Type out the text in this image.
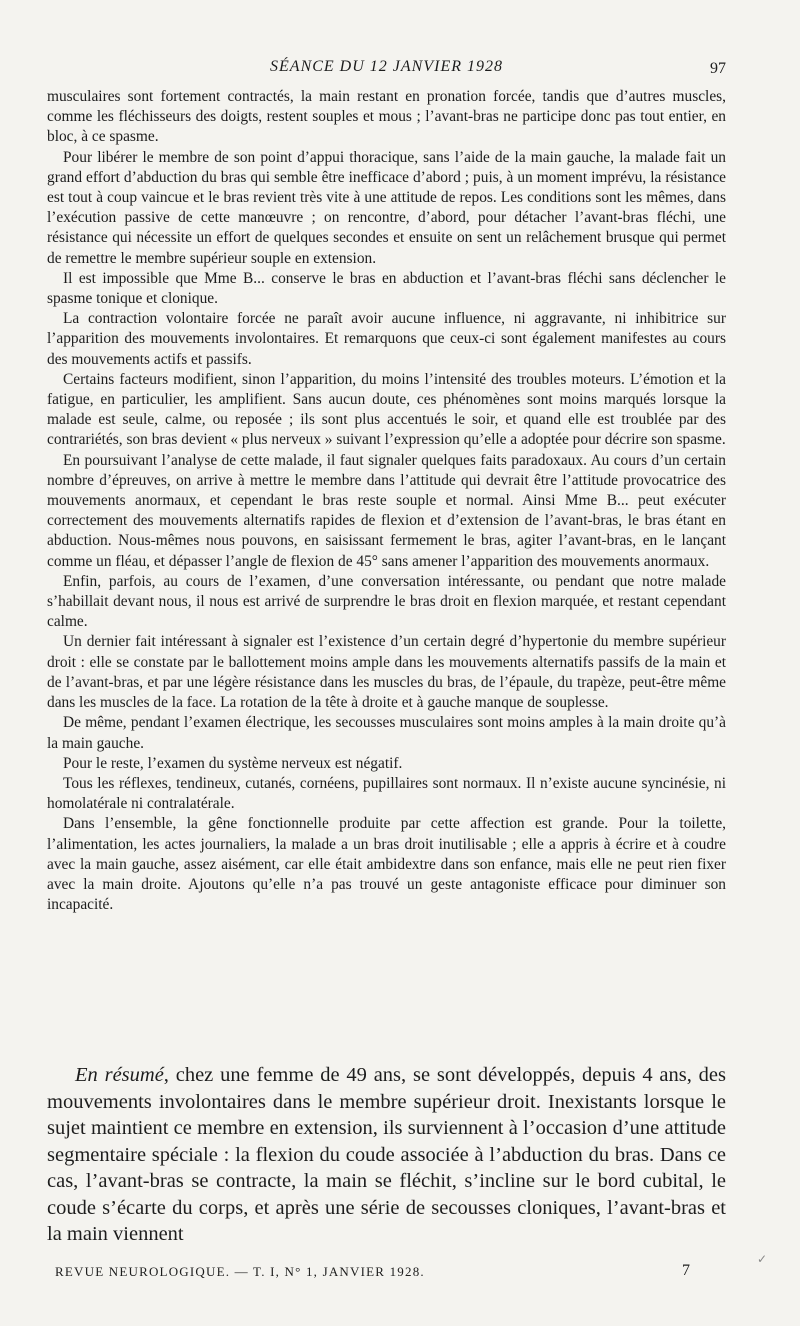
SÉANCE DU 12 JANVIER 1928	97

musculaires sont fortement contractés, la main restant en pronation forcée, tandis que d’autres muscles, comme les fléchisseurs des doigts, restent souples et mous ; l’avant-bras ne participe donc pas tout entier, en bloc, à ce spasme.

Pour libérer le membre de son point d’appui thoracique, sans l’aide de la main gauche, la malade fait un grand effort d’abduction du bras qui semble être inefficace d’abord ; puis, à un moment imprévu, la résistance est tout à coup vaincue et le bras revient très vite à une attitude de repos. Les conditions sont les mêmes, dans l’exécution passive de cette manœuvre ; on rencontre, d’abord, pour détacher l’avant-bras fléchi, une résistance qui nécessite un effort de quelques secondes et ensuite on sent un relâchement brusque qui permet de remettre le membre supérieur souple en extension.

Il est impossible que Mme B... conserve le bras en abduction et l’avant-bras fléchi sans déclencher le spasme tonique et clonique.

La contraction volontaire forcée ne paraît avoir aucune influence, ni aggravante, ni inhibitrice sur l’apparition des mouvements involontaires. Et remarquons que ceux-ci sont également manifestes au cours des mouvements actifs et passifs.

Certains facteurs modifient, sinon l’apparition, du moins l’intensité des troubles moteurs. L’émotion et la fatigue, en particulier, les amplifient. Sans aucun doute, ces phénomènes sont moins marqués lorsque la malade est seule, calme, ou reposée ; ils sont plus accentués le soir, et quand elle est troublée par des contrariétés, son bras devient « plus nerveux » suivant l’expression qu’elle a adoptée pour décrire son spasme.

En poursuivant l’analyse de cette malade, il faut signaler quelques faits paradoxaux. Au cours d’un certain nombre d’épreuves, on arrive à mettre le membre dans l’attitude qui devrait être l’attitude provocatrice des mouvements anormaux, et cependant le bras reste souple et normal. Ainsi Mme B... peut exécuter correctement des mouvements alternatifs rapides de flexion et d’extension de l’avant-bras, le bras étant en abduction. Nous-mêmes nous pouvons, en saisissant fermement le bras, agiter l’avant-bras, en le lançant comme un fléau, et dépasser l’angle de flexion de 45° sans amener l’apparition des mouvements anormaux.

Enfin, parfois, au cours de l’examen, d’une conversation intéressante, ou pendant que notre malade s’habillait devant nous, il nous est arrivé de surprendre le bras droit en flexion marquée, et restant cependant calme.

Un dernier fait intéressant à signaler est l’existence d’un certain degré d’hypertonie du membre supérieur droit : elle se constate par le ballottement moins ample dans les mouvements alternatifs passifs de la main et de l’avant-bras, et par une légère résistance dans les muscles du bras, de l’épaule, du trapèze, peut-être même dans les muscles de la face. La rotation de la tête à droite et à gauche manque de souplesse.

De même, pendant l’examen électrique, les secousses musculaires sont moins amples à la main droite qu’à la main gauche.

Pour le reste, l’examen du système nerveux est négatif.

Tous les réflexes, tendineux, cutanés, cornéens, pupillaires sont normaux. Il n’existe aucune syncinésie, ni homolatérale ni contralatérale.

Dans l’ensemble, la gêne fonctionnelle produite par cette affection est grande. Pour la toilette, l’alimentation, les actes journaliers, la malade a un bras droit inutilisable ; elle a appris à écrire et à coudre avec la main gauche, assez aisément, car elle était ambidextre dans son enfance, mais elle ne peut rien fixer avec la main droite. Ajoutons qu’elle n’a pas trouvé un geste antagoniste efficace pour diminuer son incapacité.

En résumé, chez une femme de 49 ans, se sont développés, depuis 4 ans, des mouvements involontaires dans le membre supérieur droit. Inexistants lorsque le sujet maintient ce membre en extension, ils surviennent à l’occasion d’une attitude segmentaire spéciale : la flexion du coude associée à l’abduction du bras. Dans ce cas, l’avant-bras se contracte, la main se fléchit, s’incline sur le bord cubital, le coude s’écarte du corps, et après une série de secousses cloniques, l’avant-bras et la main viennent

REVUE NEUROLOGIQUE. — T. I, N° 1, JANVIER 1928.	7
✓
